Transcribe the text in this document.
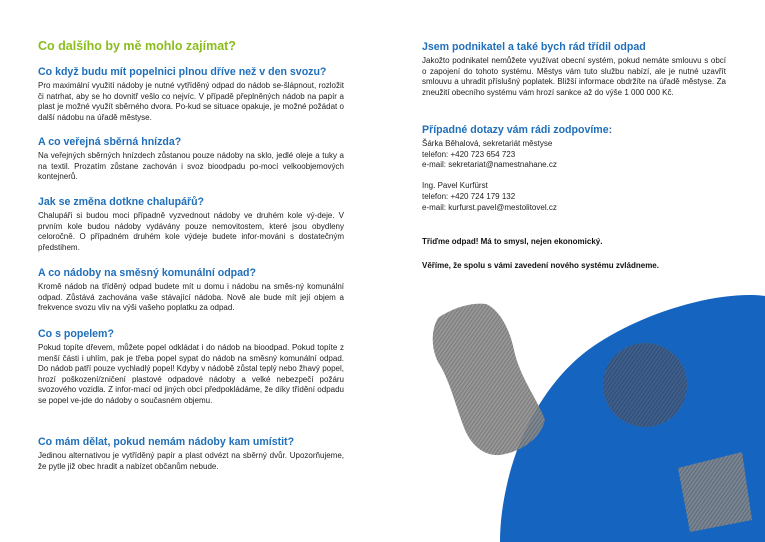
Co dalšího by mě mohlo zajímat?
Co když budu mít popelnici plnou dříve než v den svozu?

Pro maximální využití nádoby je nutné vytříděný odpad do nádob se-šlápnout, rozložit či natrhat, aby se ho dovnitř vešlo co nejvíc. V případě přeplněných nádob na papír a plast je možné využít sběrného dvora. Po-kud se situace opakuje, je možné požádat o další nádobu na úřadě městyse.

A co veřejná sběrná hnízda?

Na veřejných sběrných hnízdech zůstanou pouze nádoby na sklo, jedlé oleje a tuky a na textil. Prozatím zůstane zachován i svoz bioodpadu po-mocí velkoobjemových kontejnerů.

Jak se změna dotkne chalupářů?

Chalupáři si budou moci případně vyzvednout nádoby ve druhém kole vý-deje. V prvním kole budou nádoby vydávány pouze nemovitostem, které jsou obydleny celoročně. O případném druhém kole výdeje budete infor-mováni s dostatečným předstihem.

A co nádoby na směsný komunální odpad?

Kromě nádob na tříděný odpad budete mít u domu i nádobu na směs-ný komunální odpad. Zůstává zachována vaše stávající nádoba. Nově ale bude mít její objem a frekvence svozu vliv na výši vašeho poplatku za odpad.

Co s popelem?

Pokud topíte dřevem, můžete popel odkládat i do nádob na bioodpad. Pokud topíte z menší části i uhlím, pak je třeba popel sypat do nádob na směsný komunální odpad. Do nádob patří pouze vychladlý popel! Kdyby v nádobě zůstal teplý nebo žhavý popel, hrozí poškození/zničení plastové odpadové nádoby a velké nebezpečí požáru svozového vozidla. Z infor-mací od jiných obcí předpokládáme, že díky třídění odpadu se popel ve-jde do nádoby o současném objemu.

Co mám dělat, pokud nemám nádoby kam umístit?

Jedinou alternativou je vytříděný papír a plast odvézt na sběrný dvůr. Upozorňujeme, že pytle již obec hradit a nabízet občanům nebude.

Jsem podnikatel a také bych rád třídil odpad

Jakožto podnikatel nemůžete využívat obecní systém, pokud nemáte smlouvu s obcí o zapojení do tohoto systému. Městys vám tuto službu nabízí, ale je nutné uzavřít smlouvu a uhradit příslušný poplatek. Bližší informace obdržíte na úřadě městyse. Za zneužití obecního systému vám hrozí sankce až do výše 1 000 000 Kč.

Případné dotazy vám rádi zodpovíme:

Šárka Běhalová, sekretariát městyse

telefon: +420 723 654 723

e-mail: sekretariat@namestnahane.cz

Ing. Pavel Kurfürst

telefon: +420 724 179 132

e-mail: kurfurst.pavel@mestolitovel.cz

Třiďme odpad! Má to smysl, nejen ekonomický.

Věříme, že spolu s vámi zavedení nového systému zvládneme.
